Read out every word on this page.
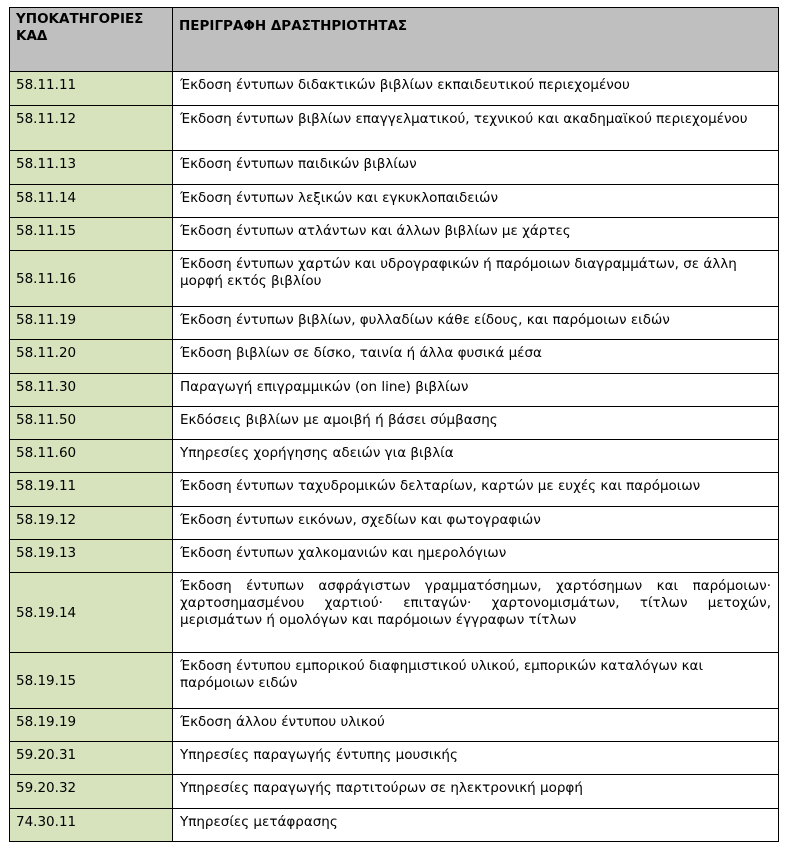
ΥΠΟΚΑΤΗΓΟΡΙΕΣ ΚΑΔ	ΠΕΡΙΓΡΑΦΗ ΔΡΑΣΤΗΡΙΟΤΗΤΑΣ
58.11.11	Έκδοση έντυπων διδακτικών βιβλίων εκπαιδευτικού περιεχομένου
58.11.12	Έκδοση έντυπων βιβλίων επαγγελματικού, τεχνικού και ακαδημαϊκού περιεχομένου
58.11.13	Έκδοση έντυπων παιδικών βιβλίων
58.11.14	Έκδοση έντυπων λεξικών και εγκυκλοπαιδειών
58.11.15	Έκδοση έντυπων ατλάντων και άλλων βιβλίων με χάρτες
58.11.16	Έκδοση έντυπων χαρτών και υδρογραφικών ή παρόμοιων διαγραμμάτων, σε άλλη μορφή εκτός βιβλίου
58.11.19	Έκδοση έντυπων βιβλίων, φυλλαδίων κάθε είδους, και παρόμοιων ειδών
58.11.20	Έκδοση βιβλίων σε δίσκο, ταινία ή άλλα φυσικά μέσα
58.11.30	Παραγωγή επιγραμμικών (on line) βιβλίων
58.11.50	Εκδόσεις βιβλίων με αμοιβή ή βάσει σύμβασης
58.11.60	Υπηρεσίες χορήγησης αδειών για βιβλία
58.19.11	Έκδοση έντυπων ταχυδρομικών δελταρίων, καρτών με ευχές και παρόμοιων
58.19.12	Έκδοση έντυπων εικόνων, σχεδίων και φωτογραφιών
58.19.13	Έκδοση έντυπων χαλκομανιών και ημερολόγιων
58.19.14	Έκδοση έντυπων ασφράγιστων γραμματόσημων, χαρτόσημων και παρόμοιων· χαρτοσημασμένου χαρτιού· επιταγών· χαρτονομισμάτων, τίτλων μετοχών, μερισμάτων ή ομολόγων και παρόμοιων έγγραφων τίτλων
58.19.15	Έκδοση έντυπου εμπορικού διαφημιστικού υλικού, εμπορικών καταλόγων και παρόμοιων ειδών
58.19.19	Έκδοση άλλου έντυπου υλικού
59.20.31	Υπηρεσίες παραγωγής έντυπης μουσικής
59.20.32	Υπηρεσίες παραγωγής παρτιτούρων σε ηλεκτρονική μορφή
74.30.11	Υπηρεσίες μετάφρασης
